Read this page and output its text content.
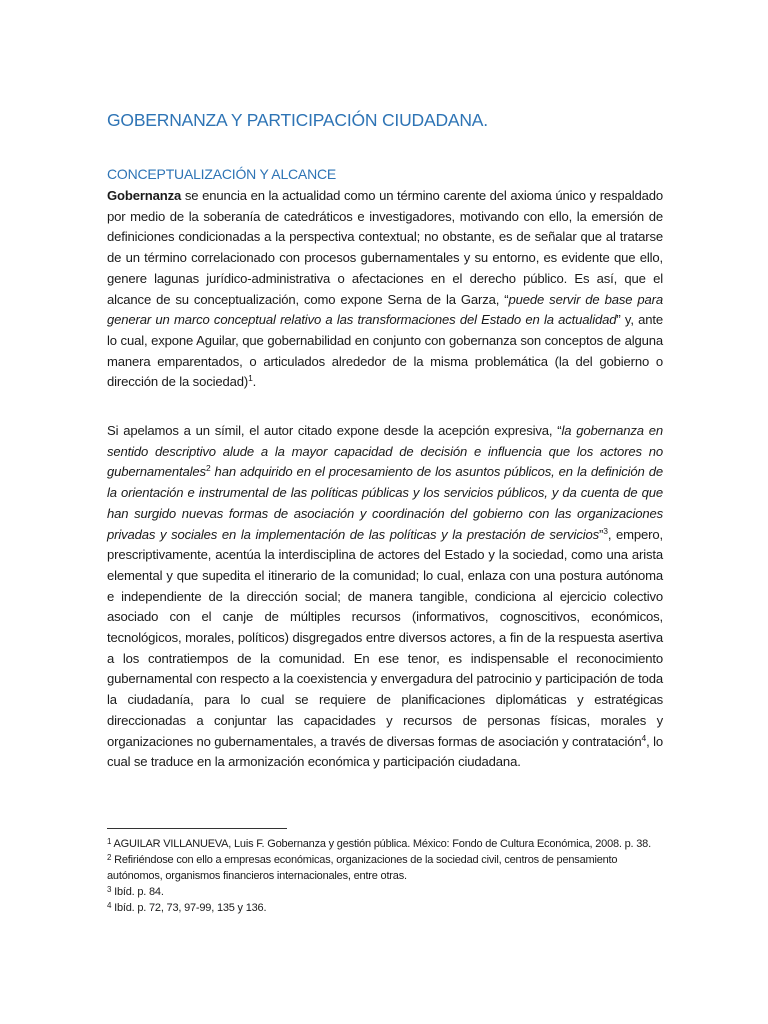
GOBERNANZA Y PARTICIPACIÓN CIUDADANA.
CONCEPTUALIZACIÓN Y ALCANCE

Gobernanza se enuncia en la actualidad como un término carente del axioma único y respaldado por medio de la soberanía de catedráticos e investigadores, motivando con ello, la emersión de definiciones condicionadas a la perspectiva contextual; no obstante, es de señalar que al tratarse de un término correlacionado con procesos gubernamentales y su entorno, es evidente que ello, genere lagunas jurídico-administrativa o afectaciones en el derecho público. Es así, que el alcance de su conceptualización, como expone Serna de la Garza, “puede servir de base para generar un marco conceptual relativo a las transformaciones del Estado en la actualidad” y, ante lo cual, expone Aguilar, que gobernabilidad en conjunto con gobernanza son conceptos de alguna manera emparentados, o articulados alrededor de la misma problemática (la del gobierno o dirección de la sociedad)$^1$.

Si apelamos a un símil, el autor citado expone desde la acepción expresiva, “la gobernanza en sentido descriptivo alude a la mayor capacidad de decisión e influencia que los actores no gubernamentales$^2$ han adquirido en el procesamiento de los asuntos públicos, en la definición de la orientación e instrumental de las políticas públicas y los servicios públicos, y da cuenta de que han surgido nuevas formas de asociación y coordinación del gobierno con las organizaciones privadas y sociales en la implementación de las políticas y la prestación de servicios”$^3$, empero, prescriptivamente, acentúa la interdisciplina de actores del Estado y la sociedad, como una arista elemental y que supedita el itinerario de la comunidad; lo cual, enlaza con una postura autónoma e independiente de la dirección social; de manera tangible, condiciona al ejercicio colectivo asociado con el canje de múltiples recursos (informativos, cognoscitivos, económicos, tecnológicos, morales, políticos) disgregados entre diversos actores, a fin de la respuesta asertiva a los contratiempos de la comunidad. En ese tenor, es indispensable el reconocimiento gubernamental con respecto a la coexistencia y envergadura del patrocinio y participación de toda la ciudadanía, para lo cual se requiere de planificaciones diplomáticas y estratégicas direccionadas a conjuntar las capacidades y recursos de personas físicas, morales y organizaciones no gubernamentales, a través de diversas formas de asociación y contratación$^4$, lo cual se traduce en la armonización económica y participación ciudadana.

$^1$ AGUILAR VILLANUEVA, Luis F. Gobernanza y gestión pública. México: Fondo de Cultura Económica, 2008. p. 38.
$^2$ Refiriéndose con ello a empresas económicas, organizaciones de la sociedad civil, centros de pensamiento autónomos, organismos financieros internacionales, entre otras.
$^3$ Ibíd. p. 84.
$^4$ Ibíd. p. 72, 73, 97-99, 135 y 136.
